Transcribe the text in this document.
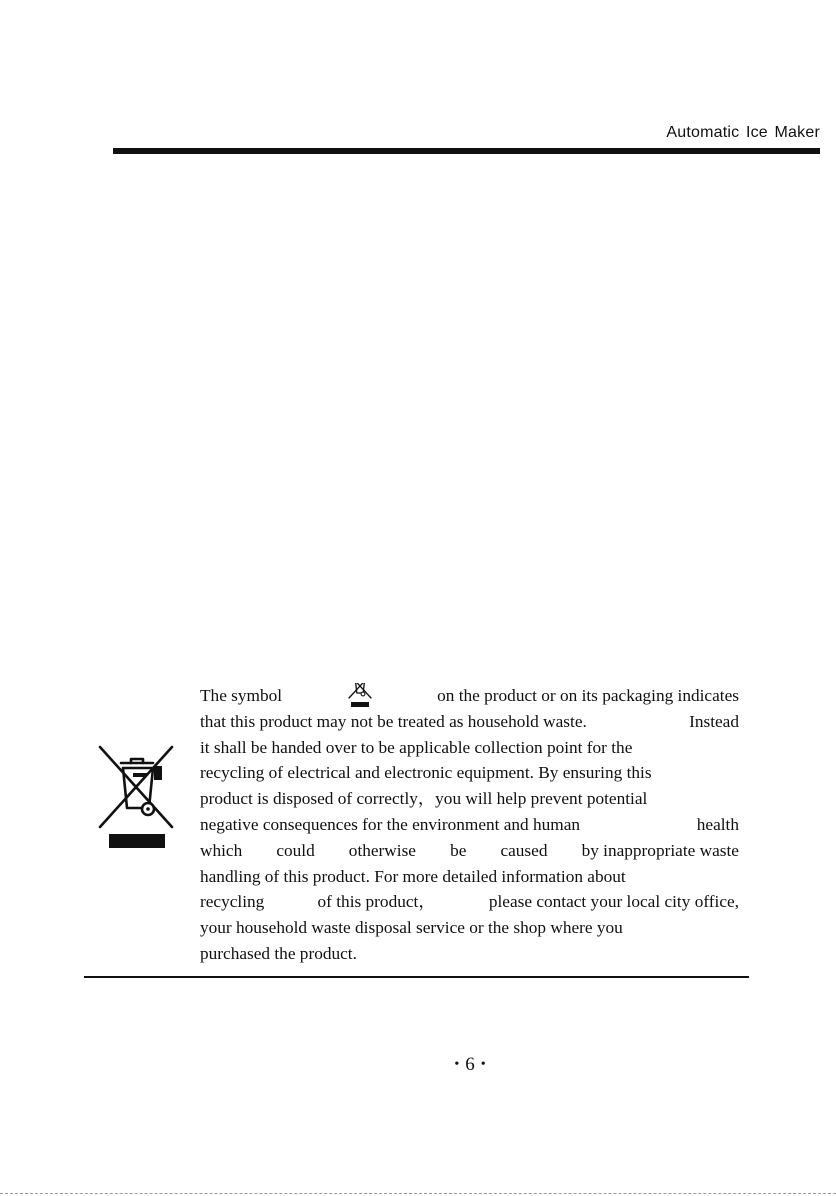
Automatic Ice Maker
The symbol	on the product or on its packaging indicates
that this product may not be treated as household waste.	Instead
it shall be handed over to be applicable collection point for the
recycling of electrical and electronic equipment. By ensuring this
product is disposed of correctly，you will help prevent potential
negative consequences for the environment and human	health
which could otherwise be caused by inappropriate waste
handling of this product. For more detailed information about
recycling	of this product，	please contact your local city office,
your household waste disposal service or the shop where you
purchased the product.
• 6 •
